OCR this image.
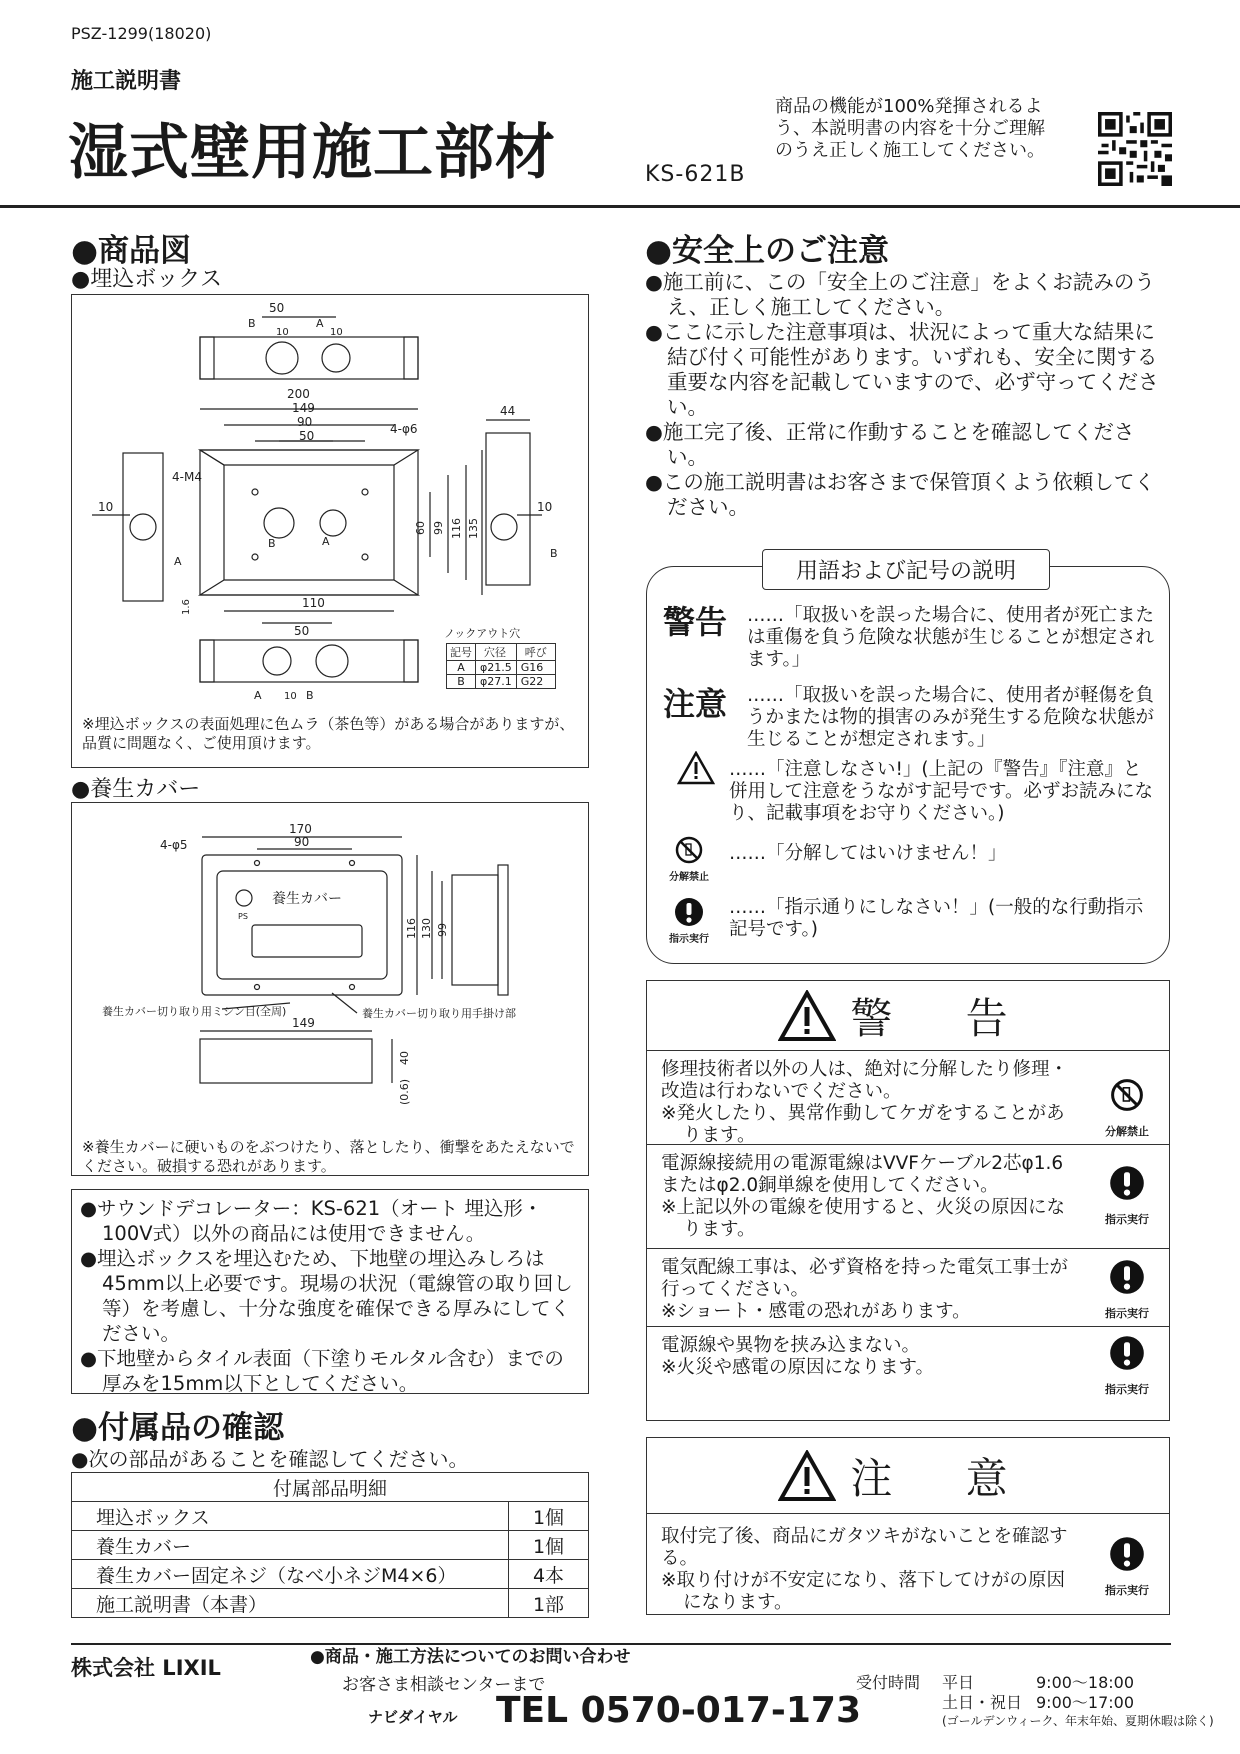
PSZ-1299(18020)
施工説明書
湿式壁用施工部材	KS-621B
商品の機能が100%発揮されるよう、本説明書の内容を十分ご理解のうえ正しく施工してください。
●商品図
●埋込ボックス
200
149
90
50
50
B	A
10	10
4-φ6
4-M4
60 99 116 135
44
10	10
A
B
B	A
110
1.6
50
A	B
10
ノックアウト穴
記号	穴径	呼び
A	φ21.5	G16
B	φ27.1	G22
※埋込ボックスの表面処理に色ムラ（茶色等）がある場合がありますが、品質に問題なく、ご使用頂けます。
●養生カバー
170
90
4-φ5
養生カバー
PS
116 130 99
養生カバー切り取り用ミシン目(全周)	養生カバー切り取り用手掛け部
149
40
(0.6)
※養生カバーに硬いものをぶつけたり、落としたり、衝撃をあたえないでください。破損する恐れがあります。

●サウンドデコレーター：KS-621（オート 埋込形・100V式）以外の商品には使用できません。

●埋込ボックスを埋込むため、下地壁の埋込みしろは45mm以上必要です。現場の状況（電線管の取り回し等）を考慮し、十分な強度を確保できる厚みにしてください。

●下地壁からタイル表面（下塗りモルタル含む）までの厚みを15mm以下としてください。

●付属品の確認
●次の部品があることを確認してください。
付属部品明細	
埋込ボックス	1個
養生カバー	1個
養生カバー固定ネジ（なべ小ネジM4×6）	4本
施工説明書（本書）	1部
●安全上のご注意

●施工前に、この「安全上のご注意」をよくお読みのうえ、正しく施工してください。

●ここに示した注意事項は、状況によって重大な結果に結び付く可能性があります。いずれも、安全に関する重要な内容を記載していますので、必ず守ってください。

●施工完了後、正常に作動することを確認してください。

●この施工説明書はお客さまで保管頂くよう依頼してください。

用語および記号の説明
警告 ……「取扱いを誤った場合に、使用者が死亡または重傷を負う危険な状態が生じることが想定されます。」
注意 ……「取扱いを誤った場合に、使用者が軽傷を負うかまたは物的損害のみが発生する危険な状態が生じることが想定されます。」
……「注意しなさい!」(上記の『警告』『注意』と併用して注意をうながす記号です。必ずお読みになり、記載事項をお守りください。)
分解禁止
……「分解してはいけません！」
指示実行
……「指示通りにしなさい！」(一般的な行動指示記号です。)
警 告

修理技術者以外の人は、絶対に分解したり修理・改造は行わないでください。

※発火したり、異常作動してケガをすることがあります。	分解禁止

電源線接続用の電源電線はVVFケーブル2芯φ1.6またはφ2.0銅単線を使用してください。

※上記以外の電線を使用すると、火災の原因になります。	指示実行

電気配線工事は、必ず資格を持った電気工事士が行ってください。

※ショート・感電の恐れがあります。	指示実行

電源線や異物を挟み込まない。

※火災や感電の原因になります。

指示実行
注 意

取付完了後、商品にガタツキがないことを確認する。

※取り付けが不安定になり、落下してけがの原因になります。

指示実行
株式会社 LIXIL	●商品・施工方法についてのお問い合わせ
お客さま相談センターまで
ナビダイヤル TEL 0570-017-173
受付時間 平日	9:00〜18:00
土日・祝日 9:00〜17:00
(ゴールデンウィーク、年末年始、夏期休暇は除く)
